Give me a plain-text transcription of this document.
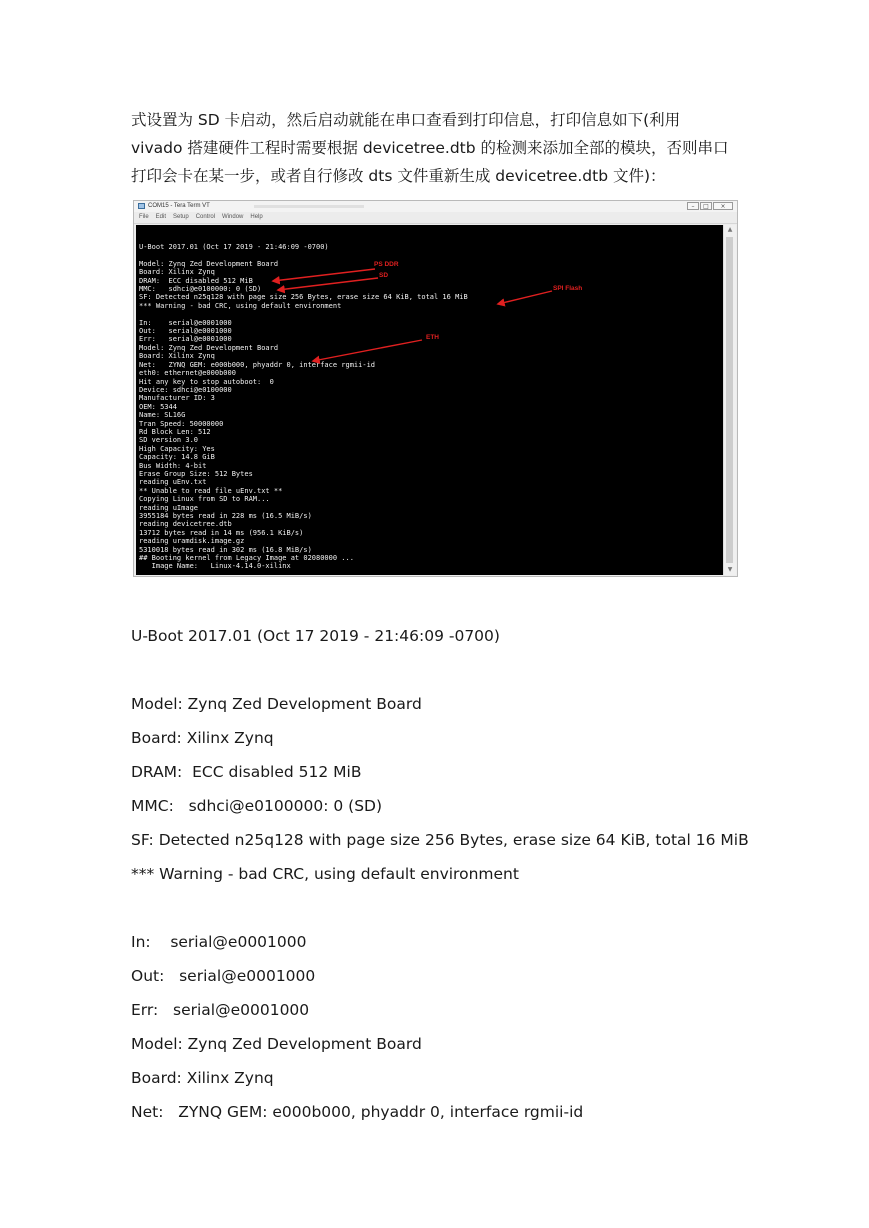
式设置为 SD 卡启动，然后启动就能在串口查看到打印信息，打印信息如下(利用

vivado 搭建硬件工程时需要根据 devicetree.dtb 的检测来添加全部的模块，否则串口

打印会卡在某一步，或者自行修改 dts 文件重新生成 devicetree.dtb 文件)：

COM15 - Tera Term VT	–	□	×
File Edit Setup Control Window Help
U-Boot 2017.01 (Oct 17 2019 - 21:46:09 -0700)

Model: Zynq Zed Development Board
Board: Xilinx Zynq
DRAM:  ECC disabled 512 MiB
MMC:   sdhci@e0100000: 0 (SD)
SF: Detected n25q128 with page size 256 Bytes, erase size 64 KiB, total 16 MiB
*** Warning - bad CRC, using default environment

In:    serial@e0001000
Out:   serial@e0001000
Err:   serial@e0001000
Model: Zynq Zed Development Board
Board: Xilinx Zynq
Net:   ZYNQ GEM: e000b000, phyaddr 0, interface rgmii-id
eth0: ethernet@e000b000
Hit any key to stop autoboot:  0
Device: sdhci@e0100000
Manufacturer ID: 3
OEM: 5344
Name: SL16G
Tran Speed: 50000000
Rd Block Len: 512
SD version 3.0
High Capacity: Yes
Capacity: 14.8 GiB
Bus Width: 4-bit
Erase Group Size: 512 Bytes
reading uEnv.txt
** Unable to read file uEnv.txt **
Copying Linux from SD to RAM...
reading uImage
3955184 bytes read in 228 ms (16.5 MiB/s)
reading devicetree.dtb
13712 bytes read in 14 ms (956.1 KiB/s)
reading uramdisk.image.gz
5310018 bytes read in 302 ms (16.8 MiB/s)
## Booting kernel from Legacy Image at 02080000 ...
Image Name:   Linux-4.14.0-xilinx
▲
▼
PS DDR
SD
SPI Flash
ETH
U-Boot 2017.01 (Oct 17 2019 - 21:46:09 -0700)
Model: Zynq Zed Development Board
Board: Xilinx Zynq
DRAM:  ECC disabled 512 MiB
MMC:   sdhci@e0100000: 0 (SD)
SF: Detected n25q128 with page size 256 Bytes, erase size 64 KiB, total 16 MiB
*** Warning - bad CRC, using default environment
In:    serial@e0001000
Out:   serial@e0001000
Err:   serial@e0001000
Model: Zynq Zed Development Board
Board: Xilinx Zynq
Net:   ZYNQ GEM: e000b000, phyaddr 0, interface rgmii-id
